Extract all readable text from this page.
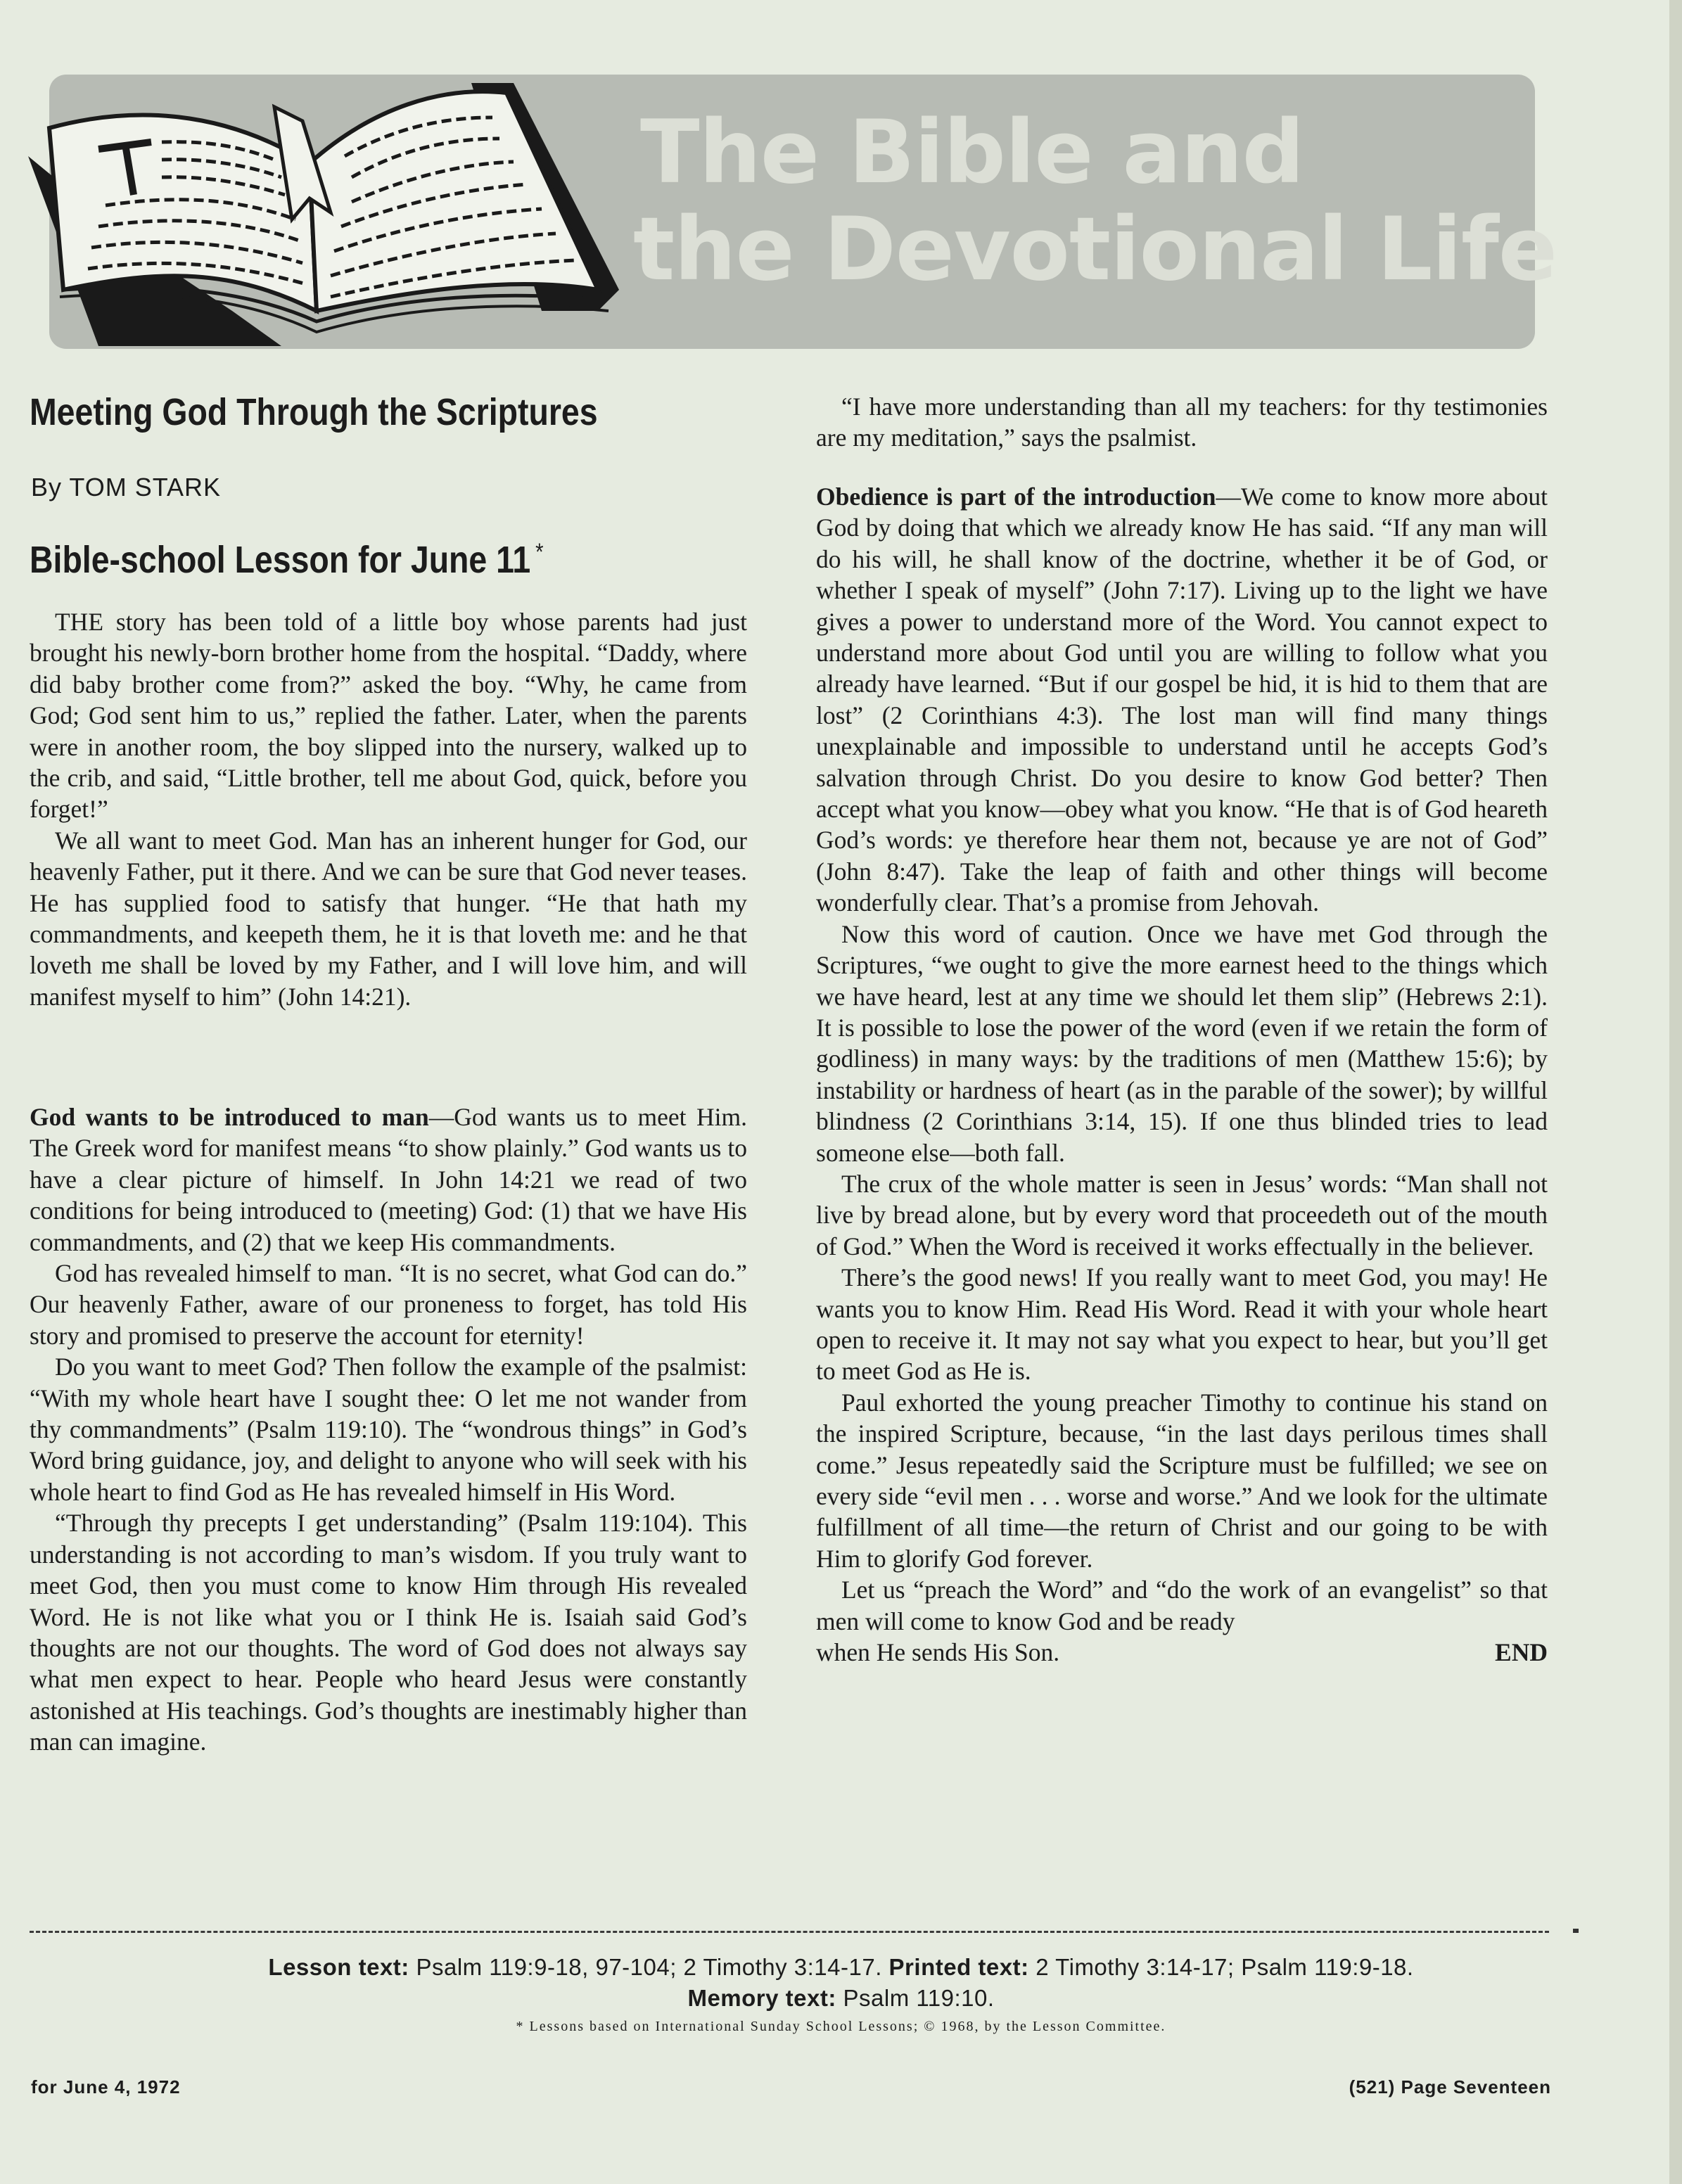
The Bible and
the Devotional Life
Meeting God Through the Scriptures
By TOM STARK
Bible-school Lesson for June 11 *

THE story has been told of a little boy whose parents had just brought his newly-born brother home from the hospital. “Daddy, where did baby brother come from?” asked the boy. “Why, he came from God; God sent him to us,” replied the father. Later, when the parents were in another room, the boy slipped into the nursery, walked up to the crib, and said, “Little brother, tell me about God, quick, before you forget!”

We all want to meet God. Man has an inherent hunger for God, our heavenly Father, put it there. And we can be sure that God never teases. He has supplied food to satisfy that hunger. “He that hath my commandments, and keepeth them, he it is that loveth me: and he that loveth me shall be loved by my Father, and I will love him, and will manifest myself to him” (John 14:21).

God wants to be introduced to man—God wants us to meet Him. The Greek word for manifest means “to show plainly.” God wants us to have a clear picture of himself. In John 14:21 we read of two conditions for being introduced to (meeting) God: (1) that we have His commandments, and (2) that we keep His commandments.

God has revealed himself to man. “It is no secret, what God can do.” Our heavenly Father, aware of our proneness to forget, has told His story and promised to preserve the account for eternity!

Do you want to meet God? Then follow the example of the psalmist: “With my whole heart have I sought thee: O let me not wander from thy commandments” (Psalm 119:10). The “wondrous things” in God’s Word bring guidance, joy, and delight to anyone who will seek with his whole heart to find God as He has revealed himself in His Word.

“Through thy precepts I get understanding” (Psalm 119:104). This understanding is not according to man’s wisdom. If you truly want to meet God, then you must come to know Him through His revealed Word. He is not like what you or I think He is. Isaiah said God’s thoughts are not our thoughts. The word of God does not always say what men expect to hear. People who heard Jesus were constantly astonished at His teachings. God’s thoughts are inestimably higher than man can imagine.

“I have more understanding than all my teachers: for thy testimonies are my meditation,” says the psalmist.

Obedience is part of the introduction—We come to know more about God by doing that which we already know He has said. “If any man will do his will, he shall know of the doctrine, whether it be of God, or whether I speak of myself” (John 7:17). Living up to the light we have gives a power to understand more of the Word. You cannot expect to understand more about God until you are willing to follow what you already have learned. “But if our gospel be hid, it is hid to them that are lost” (2 Corinthians 4:3). The lost man will find many things unexplainable and impossible to understand until he accepts God’s salvation through Christ. Do you desire to know God better? Then accept what you know—obey what you know. “He that is of God heareth God’s words: ye therefore hear them not, because ye are not of God” (John 8:47). Take the leap of faith and other things will become wonderfully clear. That’s a promise from Jehovah.

Now this word of caution. Once we have met God through the Scriptures, “we ought to give the more earnest heed to the things which we have heard, lest at any time we should let them slip” (Hebrews 2:1). It is possible to lose the power of the word (even if we retain the form of godliness) in many ways: by the traditions of men (Matthew 15:6); by instability or hardness of heart (as in the parable of the sower); by willful blindness (2 Corinthians 3:14, 15). If one thus blinded tries to lead someone else—both fall.

The crux of the whole matter is seen in Jesus’ words: “Man shall not live by bread alone, but by every word that proceedeth out of the mouth of God.” When the Word is received it works effectually in the believer.

There’s the good news! If you really want to meet God, you may! He wants you to know Him. Read His Word. Read it with your whole heart open to receive it. It may not say what you expect to hear, but you’ll get to meet God as He is.

Paul exhorted the young preacher Timothy to continue his stand on the inspired Scripture, because, “in the last days perilous times shall come.” Jesus repeatedly said the Scripture must be fulfilled; we see on every side “evil men . . . worse and worse.” And we look for the ultimate fulfillment of all time—the return of Christ and our going to be with Him to glorify God forever.

Let us “preach the Word” and “do the work of an evangelist” so that men will come to know God and be ready

when He sends His Son.	END
Lesson text: Psalm 119:9-18, 97-104; 2 Timothy 3:14-17. Printed text: 2 Timothy 3:14-17; Psalm 119:9-18.
Memory text: Psalm 119:10.
* Lessons based on International Sunday School Lessons; © 1968, by the Lesson Committee.
for June 4, 1972	(521) Page Seventeen
